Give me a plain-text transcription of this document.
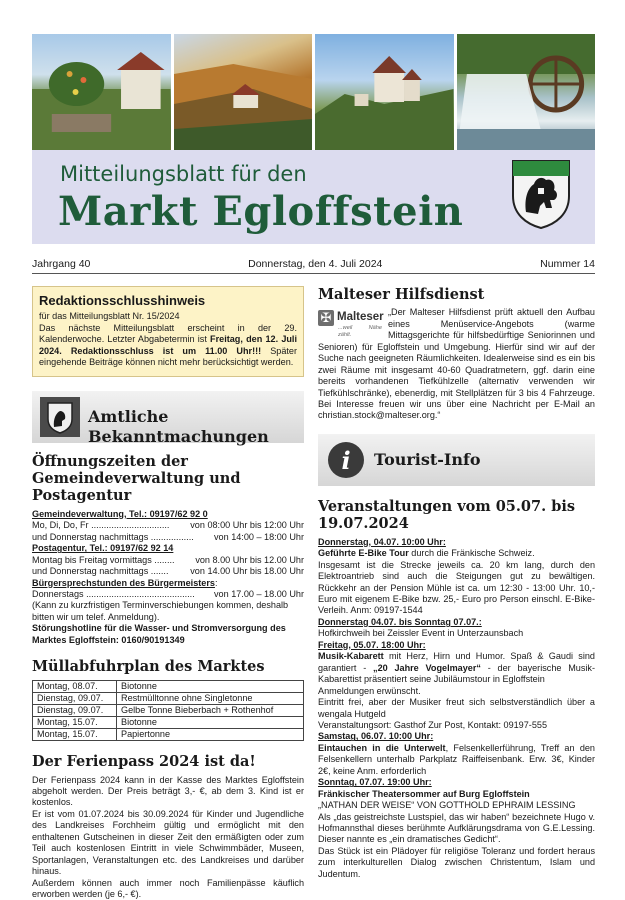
Mitteilungsblatt für den
Markt Egloffstein
Jahrgang 40	Donnerstag, den 4. Juli 2024	Nummer 14
Redaktionsschlusshinweis
für das Mitteilungsblatt Nr. 15/2024
Das nächste Mitteilungsblatt erscheint in der 29. Kalenderwoche. Letzter Abgabetermin ist Freitag, den 12. Juli 2024. Redaktionsschluss ist um 11.00 Uhr!!! Später eingehende Beiträge können nicht mehr berücksichtigt werden.
Amtliche Bekanntmachungen
Öffnungszeiten der Gemeindeverwaltung und Postagentur
Gemeindeverwaltung, Tel.: 09197/62 92 0
Mo, Di, Do, Fr ...............................	von 08:00 Uhr bis 12:00 Uhr
und Donnerstag nachmittags .................	von 14:00 – 18:00 Uhr
Postagentur, Tel.: 09197/62 92 14
Montag bis Freitag vormittags ........	von 8.00 Uhr bis 12.00 Uhr
und Donnerstag nachmittags .......	von 14.00 Uhr bis 18.00 Uhr
Bürgersprechstunden des Bürgermeisters:
Donnerstags ...........................................	von 17.00 – 18.00 Uhr
(Kann zu kurzfristigen Terminverschiebungen kommen, deshalb bitten wir um telef. Anmeldung).
Störungshotline für die Wasser- und Stromversorgung des Marktes Egloffstein: 0160/90191349
Müllabfuhrplan des Marktes
Montag, 08.07.	Biotonne
Dienstag, 09.07.	Restmülltonne ohne Singletonne
Dienstag, 09.07.	Gelbe Tonne Bieberbach + Rothenhof
Montag, 15.07.	Biotonne
Montag, 15.07.	Papiertonne
Der Ferienpass 2024 ist da!
Der Ferienpass 2024 kann in der Kasse des Marktes Egloffstein abgeholt werden. Der Preis beträgt 3,- €, ab dem 3. Kind ist er kostenlos.
Er ist vom 01.07.2024 bis 30.09.2024 für Kinder und Jugendliche des Landkreises Forchheim gültig und ermöglicht mit den enthaltenen Gutscheinen in dieser Zeit den ermäßigten oder zum Teil auch kostenlosen Eintritt in viele Schwimmbäder, Museen, Sportanlagen, Veranstaltungen etc. des Landkreises und darüber hinaus.
Außerdem können auch immer noch Familienpässe käuflich erworben werden (je 6,- €).
Malteser Hilfsdienst
✠ Malteser
...weil Nähe zählt.
„Der Malteser Hilfsdienst prüft aktuell den Aufbau eines Menüservice-Angebots (warme Mittagsgerichte für hilfsbedürftige Seniorinnen und Senioren) für Egloffstein und Umgebung. Hierfür sind wir auf der Suche nach geeigneten Räumlichkeiten. Idealerweise sind es ein bis zwei Räume mit insgesamt 40-60 Quadratmetern, ggf. darin eine bereits vorhandenen Tiefkühlzelle (alternativ verwenden wir Tiefkühlschränke), ebenerdig, mit Stellplätzen für 3 bis 4 Fahrzeuge. Bei Interesse freuen wir uns über eine Nachricht per E-Mail an christian.stock@malteser.org.“
i Tourist-Info
Veranstaltungen vom 05.07. bis 19.07.2024
Donnerstag, 04.07. 10:00 Uhr:
Geführte E-Bike Tour durch die Fränkische Schweiz.
Insgesamt ist die Strecke jeweils ca. 20 km lang, durch den Elektroantrieb sind auch die Steigungen gut zu bewältigen. Rückkehr an der Pension Mühle ist ca. um 12:30 - 13:00 Uhr. 10,- Euro mit eigenem E-Bike bzw. 25,- Euro pro Person einschl. E-Bike-Verleih. Anm: 09197-1544
Donnerstag 04.07. bis Sonntag 07.07.:
Hofkirchweih bei Zeissler Event in Unterzaunsbach
Freitag, 05.07. 18:00 Uhr:
Musik-Kabarett mit Herz, Hirn und Humor. Spaß & Gaudi sind garantiert - „20 Jahre Vogelmayer“ - der bayerische Musik-Kabarettist präsentiert seine Jubiläumstour in Egloffstein
Anmeldungen erwünscht.
Eintritt frei, aber der Musiker freut sich selbstverständlich über a wengala Hutgeld
Veranstaltungsort: Gasthof Zur Post, Kontakt: 09197-555
Samstag, 06.07. 10:00 Uhr:
Eintauchen in die Unterwelt, Felsenkellerführung, Treff an den Felsenkellern unterhalb Parkplatz Raiffeisenbank. Erw. 3€, Kinder 2€, keine Anm. erforderlich
Sonntag, 07.07. 19:00 Uhr:
Fränkischer Theatersommer auf Burg Egloffstein
„NATHAN DER WEISE“ VON GOTTHOLD EPHRAIM LESSING
Als „das geistreichste Lustspiel, das wir haben“ bezeichnete Hugo v. Hofmannsthal dieses berühmte Aufklärungsdrama von G.E.Lessing. Dieser nannte es „ein dramatisches Gedicht“.
Das Stück ist ein Plädoyer für religiöse Toleranz und fordert heraus zum interkulturellen Dialog zwischen Christentum, Islam und Judentum.
